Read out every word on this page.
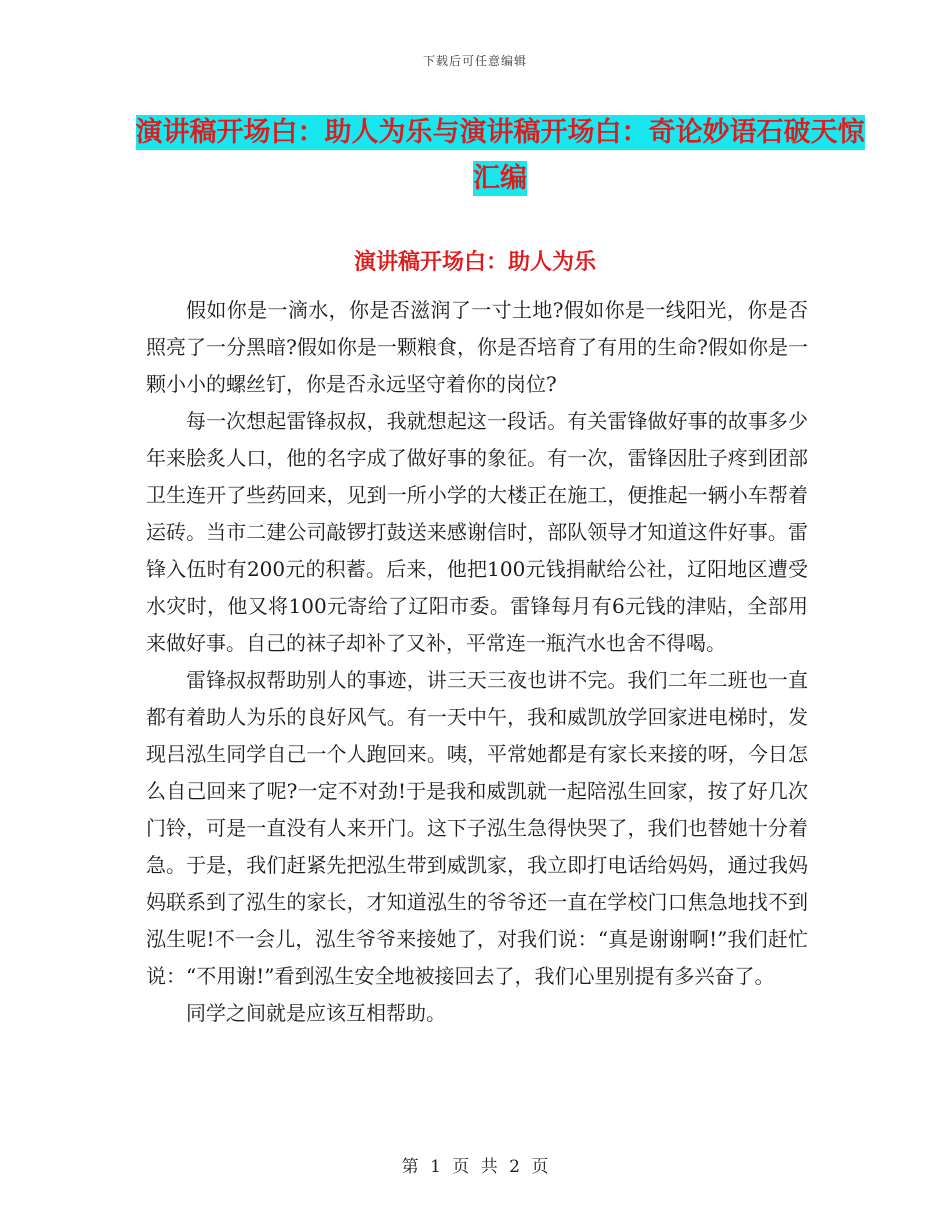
下载后可任意编辑
演讲稿开场白：助人为乐与演讲稿开场白：奇论妙语石破天惊汇编
演讲稿开场白：助人为乐

假如你是一滴水，你是否滋润了一寸土地?假如你是一线阳光，你是否照亮了一分黑暗?假如你是一颗粮食，你是否培育了有用的生命?假如你是一颗小小的螺丝钉，你是否永远坚守着你的岗位?

每一次想起雷锋叔叔，我就想起这一段话。有关雷锋做好事的故事多少年来脍炙人口，他的名字成了做好事的象征。有一次，雷锋因肚子疼到团部卫生连开了些药回来，见到一所小学的大楼正在施工，便推起一辆小车帮着运砖。当市二建公司敲锣打鼓送来感谢信时，部队领导才知道这件好事。雷锋入伍时有200元的积蓄。后来，他把100元钱捐献给公社，辽阳地区遭受水灾时，他又将100元寄给了辽阳市委。雷锋每月有6元钱的津贴，全部用来做好事。自己的袜子却补了又补，平常连一瓶汽水也舍不得喝。

雷锋叔叔帮助别人的事迹，讲三天三夜也讲不完。我们二年二班也一直都有着助人为乐的良好风气。有一天中午，我和威凯放学回家进电梯时，发现吕泓生同学自己一个人跑回来。咦，平常她都是有家长来接的呀，今日怎么自己回来了呢?一定不对劲!于是我和威凯就一起陪泓生回家，按了好几次门铃，可是一直没有人来开门。这下子泓生急得快哭了，我们也替她十分着急。于是，我们赶紧先把泓生带到威凯家，我立即打电话给妈妈，通过我妈妈联系到了泓生的家长，才知道泓生的爷爷还一直在学校门口焦急地找不到泓生呢!不一会儿，泓生爷爷来接她了，对我们说：“真是谢谢啊!”我们赶忙说：“不用谢!”看到泓生安全地被接回去了，我们心里别提有多兴奋了。

同学之间就是应该互相帮助。

第 1 页 共 2 页
